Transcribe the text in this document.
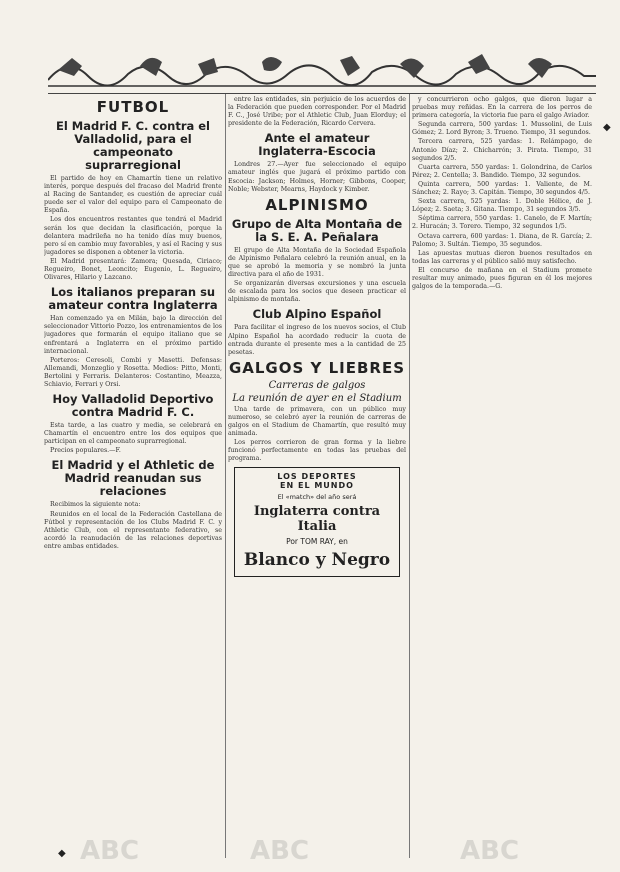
FUTBOL
El Madrid F. C. contra el Valladolid, para el campeonato suprarregional

El partido de hoy en Chamartín tiene un relativo interés, porque después del fracaso del Madrid frente al Racing de Santander, es cuestión de apreciar cuál puede ser el valor del equipo para el Campeonato de España.

Los dos encuentros restantes que tendrá el Madrid serán los que decidan la clasificación, porque la delantera madrileña no ha tenido días muy buenos, pero sí en cambio muy favorables, y así el Racing y sus jugadores se disponen a obtener la victoria.

El Madrid presentará: Zamora; Quesada, Ciriaco; Regueiro, Bonet, Leoncito; Eugenio, L. Regueiro, Olivares, Hilario y Lazcano.

Los italianos preparan su amateur contra Inglaterra

Han comenzado ya en Milán, bajo la dirección del seleccionador Vittorio Pozzo, los entrenamientos de los jugadores que formarán el equipo italiano que se enfrentará a Inglaterra en el próximo partido internacional.

Porteros: Ceresoli, Combi y Masetti. Defensas: Allemandi, Monzeglio y Rosetta. Medios: Pitto, Monti, Bertolini y Ferraris. Delanteros: Costantino, Meazza, Schiavio, Ferrari y Orsi.

Hoy Valladolid Deportivo contra Madrid F. C.

Esta tarde, a las cuatro y media, se celebrará en Chamartín el encuentro entre los dos equipos que participan en el campeonato suprarregional.

Precios populares.—F.

El Madrid y el Athletic de Madrid reanudan sus relaciones

Recibimos la siguiente nota:

Reunidos en el local de la Federación Castellana de Fútbol y representación de los Clubs Madrid F. C. y Athletic Club, con el representante federativo, se acordó la reanudación de las relaciones deportivas entre ambas entidades.

entre las entidades, sin perjuicio de los acuerdos de la Federación que pueden corresponder. Por el Madrid F. C., José Uribe; por el Athletic Club, Juan Elorduy; el presidente de la Federación, Ricardo Cervera.

Ante el amateur Inglaterra-Escocia

Londres 27.—Ayer fue seleccionado el equipo amateur inglés que jugará el próximo partido con Escocia: Jackson; Holmes, Horner; Gibbons, Cooper, Noble; Webster, Mearns, Haydock y Kimber.

ALPINISMO
Grupo de Alta Montaña de la S. E. A. Peñalara

El grupo de Alta Montaña de la Sociedad Española de Alpinismo Peñalara celebró la reunión anual, en la que se aprobó la memoria y se nombró la junta directiva para el año de 1931.

Se organizarán diversas excursiones y una escuela de escalada para los socios que deseen practicar el alpinismo de montaña.

Club Alpino Español

Para facilitar el ingreso de los nuevos socios, el Club Alpino Español ha acordado reducir la cuota de entrada durante el presente mes a la cantidad de 25 pesetas.

GALGOS Y LIEBRES
Carreras de galgos
La reunión de ayer en el Stadium

Una tarde de primavera, con un público muy numeroso, se celebró ayer la reunión de carreras de galgos en el Stadium de Chamartín, que resultó muy animada.

Los perros corrieron de gran forma y la liebre funcionó perfectamente en todas las pruebas del programa.

LOS DEPORTES
EN EL MUNDO
El «match» del año será
Inglaterra contra Italia
Por TOM RAY, en
Blanco y Negro

y concurrieron ocho galgos, que dieron lugar a pruebas muy reñidas. En la carrera de los perros de primera categoría, la victoria fue para el galgo Aviador.

Segunda carrera, 500 yardas: 1. Mussolini, de Luis Gómez; 2. Lord Byron; 3. Trueno. Tiempo, 31 segundos.

Tercera carrera, 525 yardas: 1. Relámpago, de Antonio Díaz; 2. Chicharrón; 3. Pirata. Tiempo, 31 segundos 2/5.

Cuarta carrera, 550 yardas: 1. Golondrina, de Carlos Pérez; 2. Centella; 3. Bandido. Tiempo, 32 segundos.

Quinta carrera, 500 yardas: 1. Valiente, de M. Sánchez; 2. Rayo; 3. Capitán. Tiempo, 30 segundos 4/5.

Sexta carrera, 525 yardas: 1. Doble Hélice, de J. López; 2. Saeta; 3. Gitana. Tiempo, 31 segundos 3/5.

Séptima carrera, 550 yardas: 1. Canelo, de F. Martín; 2. Huracán; 3. Torero. Tiempo, 32 segundos 1/5.

Octava carrera, 600 yardas: 1. Diana, de R. García; 2. Palomo; 3. Sultán. Tiempo, 35 segundos.

Las apuestas mutuas dieron buenos resultados en todas las carreras y el público salió muy satisfecho.

El concurso de mañana en el Stadium promete resultar muy animado, pues figuran en él los mejores galgos de la temporada.—G.

◆
◆ ABC	ABC	ABC
